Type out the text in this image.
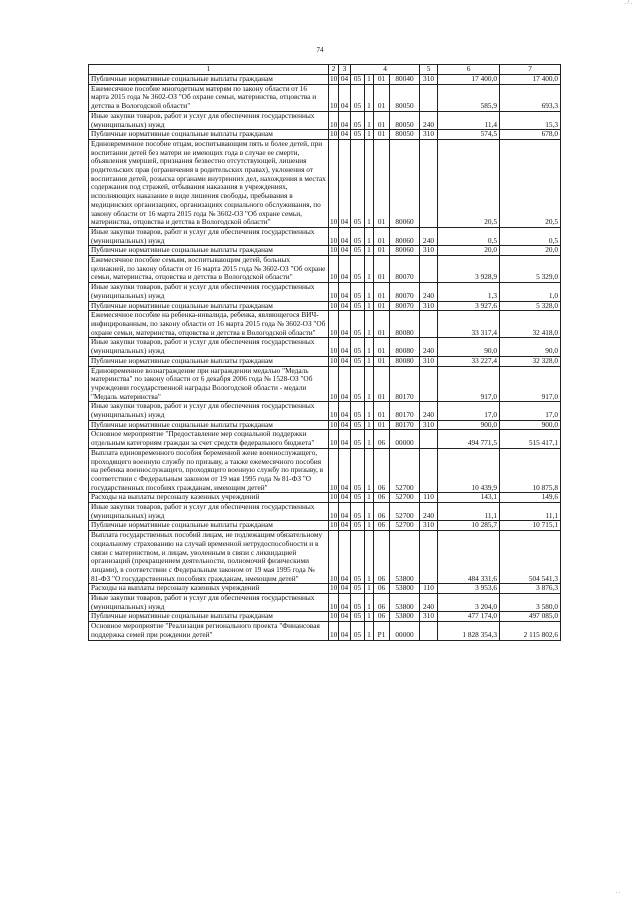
. / .
74
1	2	3	4				5	6	7
Публичные нормативные социальные выплаты гражданам	10	04	05	1	01	80040	310	17 400,0	17 400,0
Ежемесячное пособие многодетным матерям по закону области от 16 марта 2015 года № 3602-ОЗ "Об охране семьи, материнства, отцовства и детства в Вологодской области"	10	04	05	1	01	80050		585,9	693,3
Иные закупки товаров, работ и услуг для обеспечения государственных (муниципальных) нужд	10	04	05	1	01	80050	240	11,4	15,3
Публичные нормативные социальные выплаты гражданам	10	04	05	1	01	80050	310	574,5	678,0
Единовременное пособие отцам, воспитывающим пять и более детей, при воспитании детей без матери не имеющих года в случае ее смерти, объявления умершей, признания безвестно отсутствующей, лишения родительских прав (ограничения в родительских правах), уклонения от воспитания детей, розыска органами внутренних дел, нахождения в местах содержания под стражей, отбывания наказания в учреждениях, исполняющих наказание в виде лишения свободы, пребывания в медицинских организациях, организациях социального обслуживания, по закону области от 16 марта 2015 года № 3602-ОЗ "Об охране семьи, материнства, отцовства и детства в Вологодской области"	10	04	05	1	01	80060		20,5	20,5
Иные закупки товаров, работ и услуг для обеспечения государственных (муниципальных) нужд	10	04	05	1	01	80060	240	0,5	0,5
Публичные нормативные социальные выплаты гражданам	10	04	05	1	01	80060	310	20,0	20,0
Ежемесячное пособие семьям, воспитывающим детей, больных целиакией, по закону области от 16 марта 2015 года № 3602-ОЗ "Об охране семьи, материнства, отцовства и детства в Вологодской области"	10	04	05	1	01	80070		3 928,9	5 329,0
Иные закупки товаров, работ и услуг для обеспечения государственных (муниципальных) нужд	10	04	05	1	01	80070	240	1,3	1,0
Публичные нормативные социальные выплаты гражданам	10	04	05	1	01	80070	310	3 927,6	5 328,0
Ежемесячное пособие на ребенка-инвалида, ребенка, являющегося ВИЧ-инфицированным, по закону области от 16 марта 2015 года № 3602-ОЗ "Об охране семьи, материнства, отцовства и детства в Вологодской области"	10	04	05	1	01	80080		33 317,4	32 418,0
Иные закупки товаров, работ и услуг для обеспечения государственных (муниципальных) нужд	10	04	05	1	01	80080	240	90,0	90,0
Публичные нормативные социальные выплаты гражданам	10	04	05	1	01	80080	310	33 227,4	32 328,0
Единовременное вознаграждение при награждении медалью "Медаль материнства" по закону области от 6 декабря 2006 года № 1528-ОЗ "Об учреждении государственной награды Вологодской области - медали "Медаль материнства"	10	04	05	1	01	80170		917,0	917,0
Иные закупки товаров, работ и услуг для обеспечения государственных (муниципальных) нужд	10	04	05	1	01	80170	240	17,0	17,0
Публичные нормативные социальные выплаты гражданам	10	04	05	1	01	80170	310	900,0	900,0
Основное мероприятие "Предоставление мер социальной поддержки отдельным категориям граждан за счет средств федерального бюджета"	10	04	05	1	06	00000		494 771,5	515 417,1
Выплата единовременного пособия беременной жене военнослужащего, проходящего военную службу по призыву, а также ежемесячного пособия на ребенка военнослужащего, проходящего военную службу по призыву, в соответствии с Федеральным законом от 19 мая 1995 года № 81-ФЗ "О государственных пособиях гражданам, имеющим детей"	10	04	05	1	06	52700		10 439,9	10 875,8
Расходы на выплаты персоналу казенных учреждений	10	04	05	1	06	52700	110	143,1	149,6
Иные закупки товаров, работ и услуг для обеспечения государственных (муниципальных) нужд	10	04	05	1	06	52700	240	11,1	11,1
Публичные нормативные социальные выплаты гражданам	10	04	05	1	06	52700	310	10 285,7	10 715,1
Выплата государственных пособий лицам, не подлежащим обязательному социальному страхованию на случай временной нетрудоспособности и в связи с материнством, и лицам, уволенным в связи с ликвидацией организаций (прекращением деятельности, полномочий физическими лицами), в соответствии с Федеральным законом от 19 мая 1995 года № 81-ФЗ "О государственных пособиях гражданам, имеющим детей"	10	04	05	1	06	53800		484 331,6	504 541,3
Расходы на выплаты персоналу казенных учреждений	10	04	05	1	06	53800	110	3 953,6	3 876,3
Иные закупки товаров, работ и услуг для обеспечения государственных (муниципальных) нужд	10	04	05	1	06	53800	240	3 204,0	3 580,0
Публичные нормативные социальные выплаты гражданам	10	04	05	1	06	53800	310	477 174,0	497 085,0
Основное мероприятие "Реализация регионального проекта "Финансовая поддержка семей при рождении детей"	10	04	05	1	P1	00000		1 828 354,3	2 115 802,6
. .
